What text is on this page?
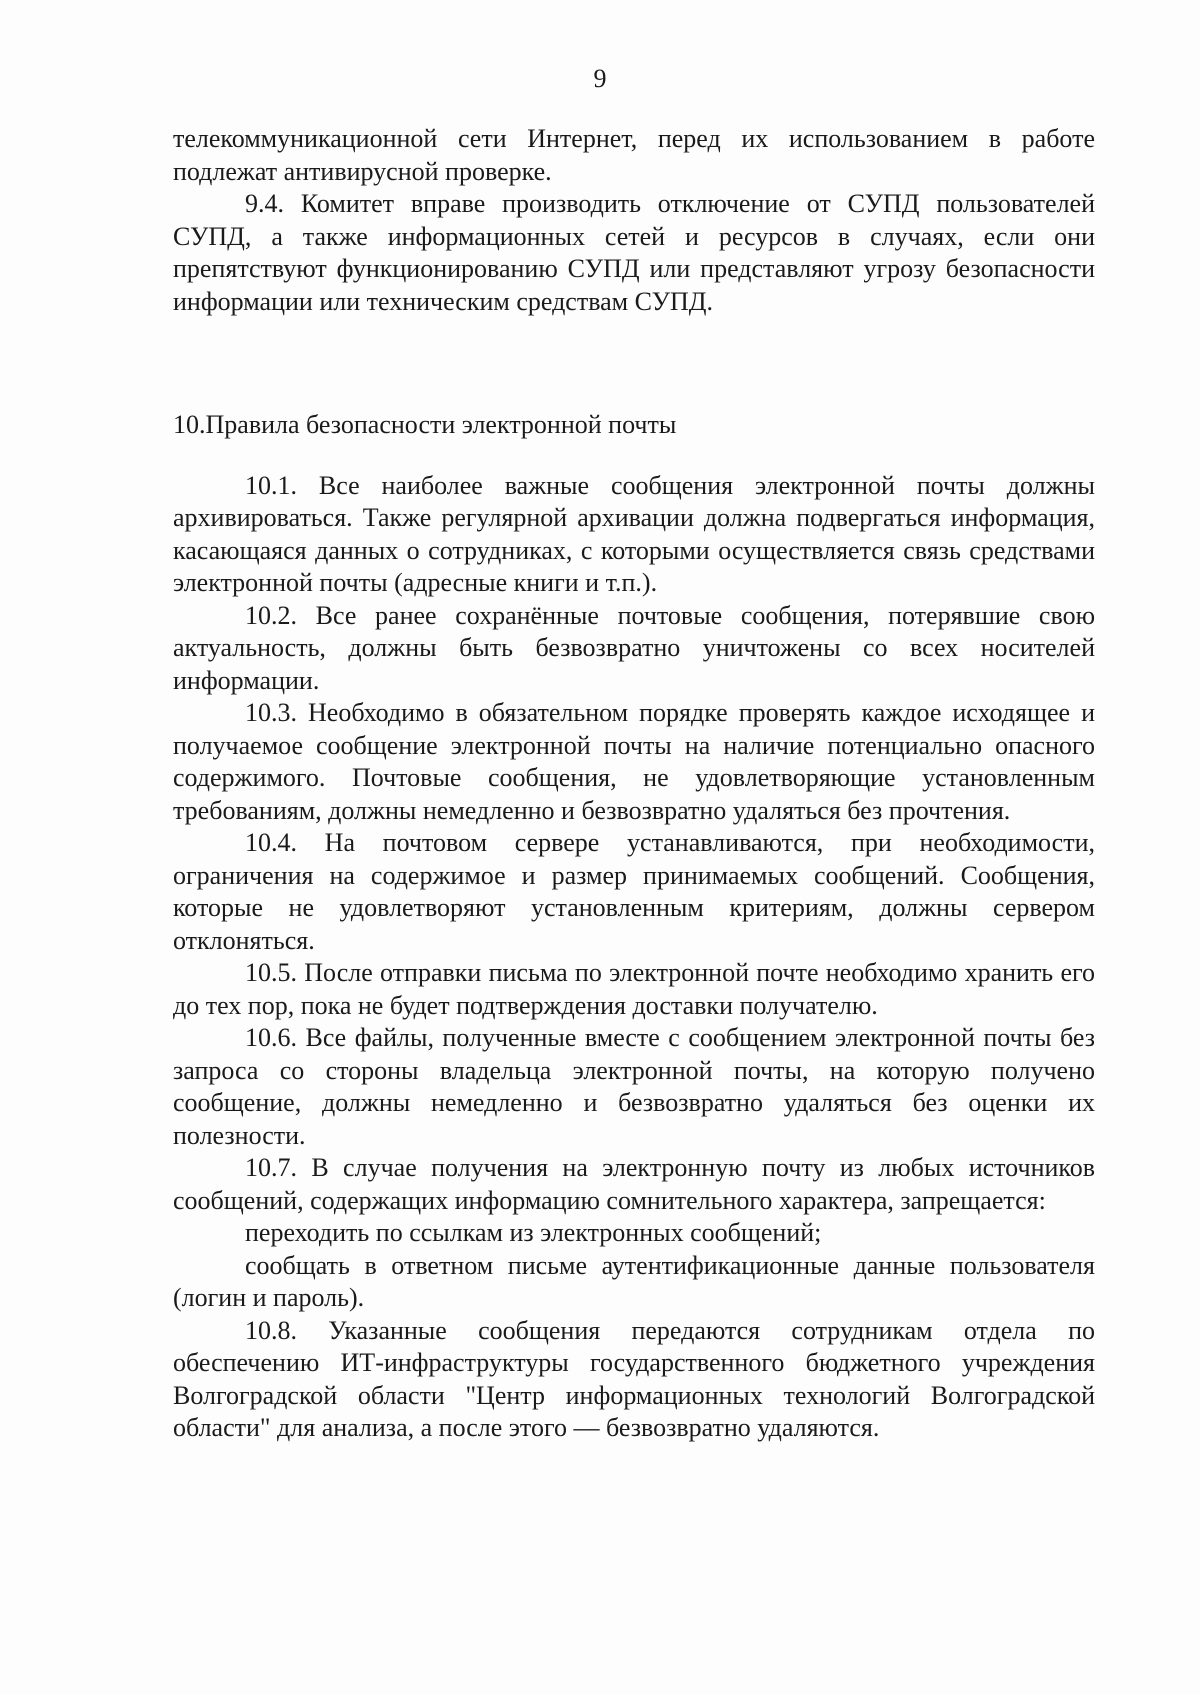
9

телекоммуникационной сети Интернет, перед их использованием в работе подлежат антивирусной проверке.

9.4. Комитет вправе производить отключение от СУПД пользователей СУПД, а также информационных сетей и ресурсов в случаях, если они препятствуют функционированию СУПД или представляют угрозу безопасности информации или техническим средствам СУПД.

10.Правила безопасности электронной почты

10.1. Все наиболее важные сообщения электронной почты должны архивироваться. Также регулярной архивации должна подвергаться информация, касающаяся данных о сотрудниках, с которыми осуществляется связь средствами электронной почты (адресные книги и т.п.).

10.2. Все ранее сохранённые почтовые сообщения, потерявшие свою актуальность, должны быть безвозвратно уничтожены со всех носителей информации.

10.3. Необходимо в обязательном порядке проверять каждое исходящее и получаемое сообщение электронной почты на наличие потенциально опасного содержимого. Почтовые сообщения, не удовлетворяющие установленным требованиям, должны немедленно и безвозвратно удаляться без прочтения.

10.4. На почтовом сервере устанавливаются, при необходимости, ограничения на содержимое и размер принимаемых сообщений. Сообщения, которые не удовлетворяют установленным критериям, должны сервером отклоняться.

10.5. После отправки письма по электронной почте необходимо хранить его до тех пор, пока не будет подтверждения доставки получателю.

10.6. Все файлы, полученные вместе с сообщением электронной почты без запроса со стороны владельца электронной почты, на которую получено сообщение, должны немедленно и безвозвратно удаляться без оценки их полезности.

10.7. В случае получения на электронную почту из любых источников сообщений, содержащих информацию сомнительного характера, запрещается:

переходить по ссылкам из электронных сообщений;

сообщать в ответном письме аутентификационные данные пользователя (логин и пароль).

10.8. Указанные сообщения передаются сотрудникам отдела по обеспечению ИТ-инфраструктуры государственного бюджетного учреждения Волгоградской области "Центр информационных технологий Волгоградской области" для анализа, а после этого — безвозвратно удаляются.
